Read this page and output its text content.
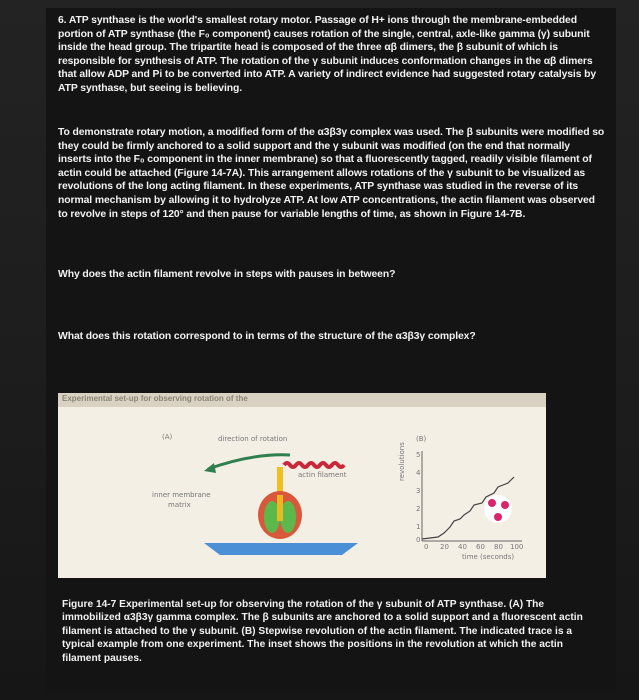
6. ATP synthase is the world's smallest rotary motor. Passage of H+ ions through the membrane-embedded portion of ATP synthase (the F₀ component) causes rotation of the single, central, axle-like gamma (γ) subunit inside the head group. The tripartite head is composed of the three αβ dimers, the β subunit of which is responsible for synthesis of ATP. The rotation of the γ subunit induces conformation changes in the αβ dimers that allow ADP and Pi to be converted into ATP. A variety of indirect evidence had suggested rotary catalysis by ATP synthase, but seeing is believing.
To demonstrate rotary motion, a modified form of the α3β3γ complex was used. The β subunits were modified so they could be firmly anchored to a solid support and the γ subunit was modified (on the end that normally inserts into the F₀ component in the inner membrane) so that a fluorescently tagged, readily visible filament of actin could be attached (Figure 14-7A). This arrangement allows rotations of the γ subunit to be visualized as revolutions of the long acting filament. In these experiments, ATP synthase was studied in the reverse of its normal mechanism by allowing it to hydrolyze ATP. At low ATP concentrations, the actin filament was observed to revolve in steps of 120° and then pause for variable lengths of time, as shown in Figure 14-7B.
Why does the actin filament revolve in steps with pauses in between?
What does this rotation correspond to in terms of the structure of the α3β3γ complex?
Experimental set-up for observing rotation of the
(A)	direction of rotation
actin filament
inner membrane
matrix
(B)
revolutions 5
4
3
2
1
0
0 20 40 60 80 100
time (seconds)
Figure 14-7 Experimental set-up for observing the rotation of the γ subunit of ATP synthase. (A) The immobilized α3β3γ gamma complex. The β subunits are anchored to a solid support and a fluorescent actin filament is attached to the γ subunit. (B) Stepwise revolution of the actin filament. The indicated trace is a typical example from one experiment. The inset shows the positions in the revolution at which the actin filament pauses.
